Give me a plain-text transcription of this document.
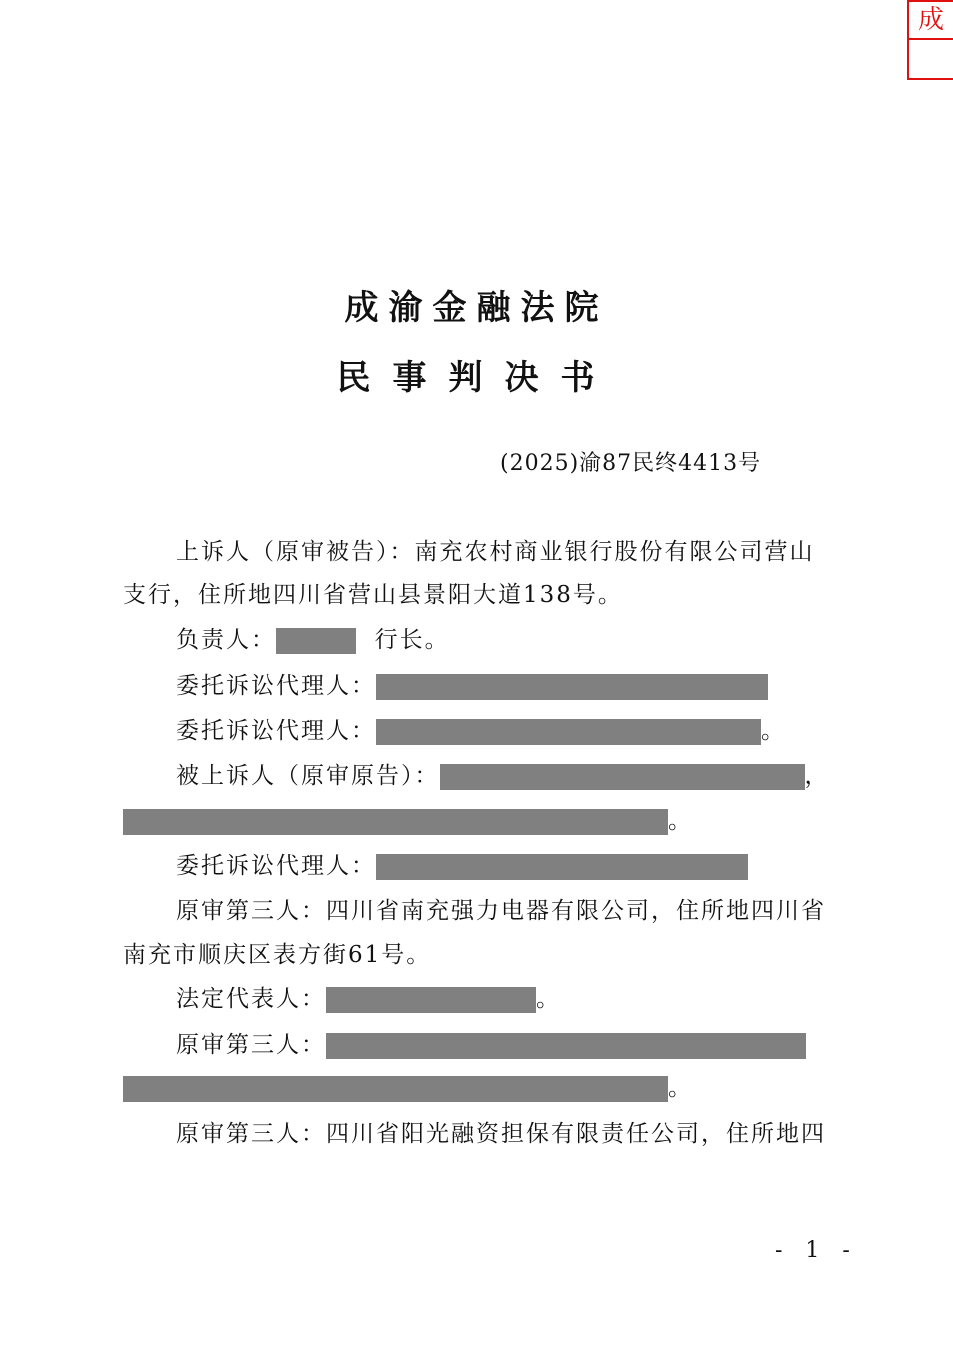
成
成渝金融法院
民事判决书
(2025)渝87民终4413号
上诉人（原审被告）：南充农村商业银行股份有限公司营山
支行，住所地四川省营山县景阳大道138号。
负责人：	行长。
委托诉讼代理人：
委托诉讼代理人：	。
被上诉人（原审原告）：	，
。
委托诉讼代理人：
原审第三人：四川省南充强力电器有限公司，住所地四川省
南充市顺庆区表方街61号。
法定代表人：	。
原审第三人：
。
原审第三人：四川省阳光融资担保有限责任公司，住所地四
- 1 -
